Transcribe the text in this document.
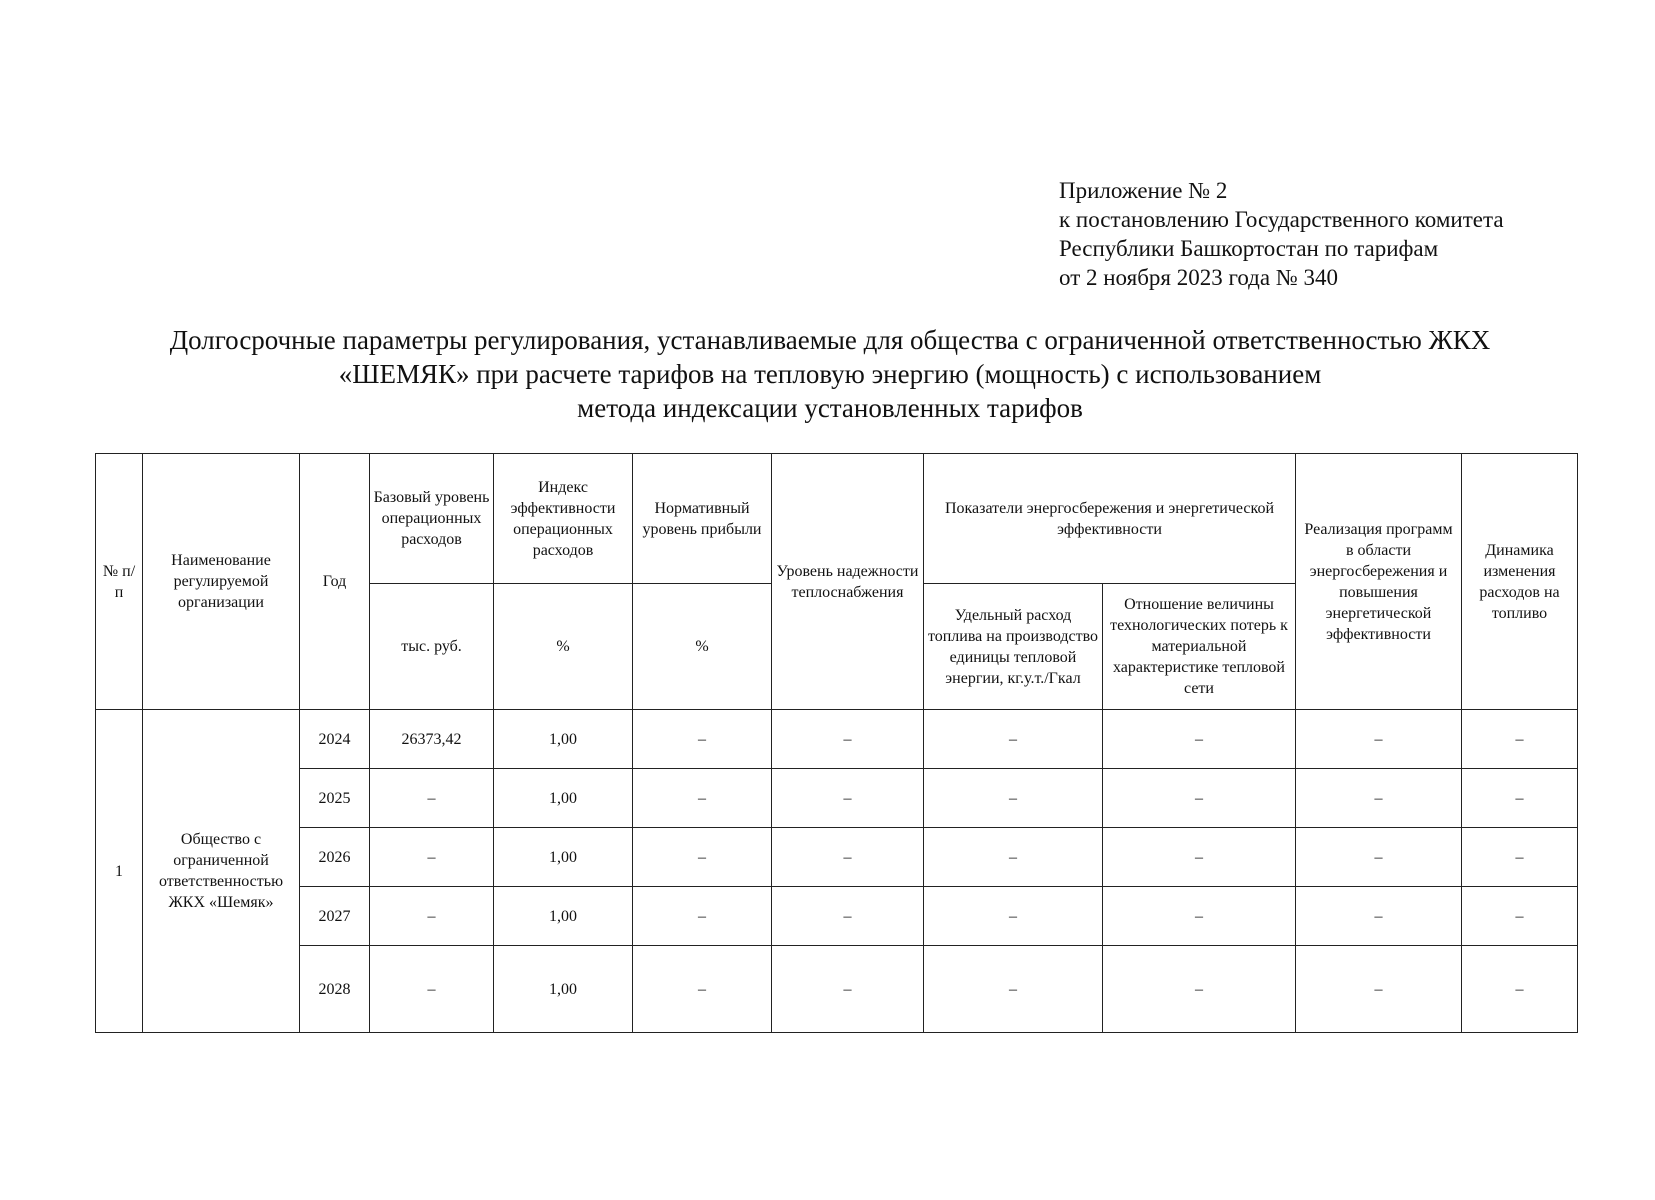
Приложение № 2
к постановлению Государственного комитета
Республики Башкортостан по тарифам
от 2 ноября 2023 года № 340
Долгосрочные параметры регулирования, устанавливаемые для общества с ограниченной ответственностью ЖКХ
«ШЕМЯК» при расчете тарифов на тепловую энергию (мощность) с использованием
метода индексации установленных тарифов
№ п/п	Наименование регулируемой организации	Год	Базовый уровень операционных расходов	Индекс эффективности операционных расходов	Нормативный уровень прибыли	Уровень надежности теплоснабжения	Показатели энергосбережения и энергетической эффективности		Реализация программ в области энергосбережения и повышения энергетической эффективности	Динамика изменения расходов на топливо
			тыс. руб.	%	%		Удельный расход топлива на производство единицы тепловой энергии, кг.у.т./Гкал	Отношение величины технологических потерь к материальной характеристике тепловой сети		
1	Общество с ограниченной ответственностью ЖКХ «Шемяк»	2024	26373,42	1,00	–	–	–	–	–	–
		2025	–	1,00	–	–	–	–	–	–
		2026	–	1,00	–	–	–	–	–	–
		2027	–	1,00	–	–	–	–	–	–
		2028	–	1,00	–	–	–	–	–	–
